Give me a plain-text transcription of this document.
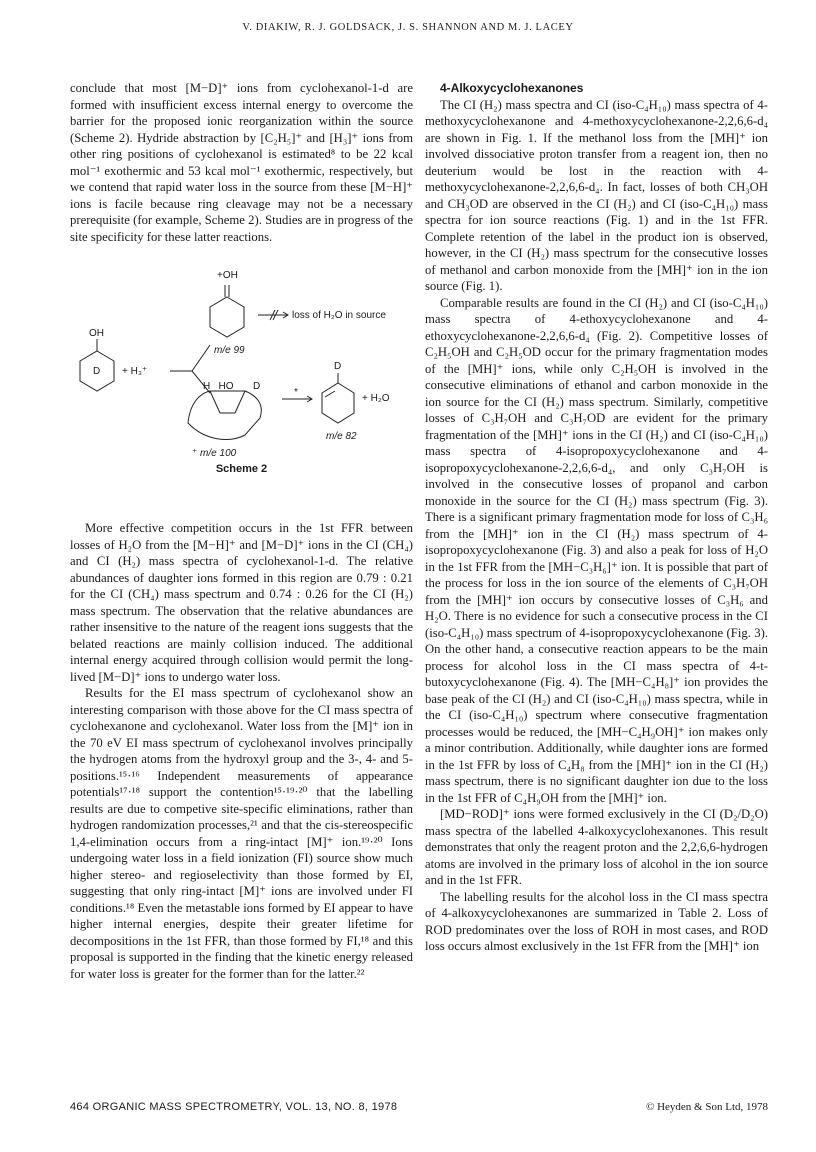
V. DIAKIW, R. J. GOLDSACK, J. S. SHANNON AND M. J. LACEY

conclude that most [M−D]⁺ ions from cyclohexanol-1-d are formed with insufficient excess internal energy to overcome the barrier for the proposed ionic reorganization within the source (Scheme 2). Hydride abstraction by [C₂H₅]⁺ and [H₃]⁺ ions from other ring positions of cyclohexanol is estimated⁸ to be 22 kcal mol⁻¹ exothermic and 53 kcal mol⁻¹ exothermic, respectively, but we contend that rapid water loss in the source from these [M−H]⁺ ions is facile because ring cleavage may not be a necessary prerequisite (for example, Scheme 2). Studies are in progress of the site specificity for these latter reactions.

+OH
loss of H₂O in source
m/e 99
OH
D + H₃⁺
H   HO       D
*
D
+ H₂O
m/e 82
⁺ m/e 100
Scheme 2

More effective competition occurs in the 1st FFR between losses of H₂O from the [M−H]⁺ and [M−D]⁺ ions in the CI (CH₄) and CI (H₂) mass spectra of cyclohexanol-1-d. The relative abundances of daughter ions formed in this region are 0.79 : 0.21 for the CI (CH₄) mass spectrum and 0.74 : 0.26 for the CI (H₂) mass spectrum. The observation that the relative abundances are rather insensitive to the nature of the reagent ions suggests that the belated reactions are mainly collision induced. The additional internal energy acquired through collision would permit the long-lived [M−D]⁺ ions to undergo water loss.

Results for the EI mass spectrum of cyclohexanol show an interesting comparison with those above for the CI mass spectra of cyclohexanone and cyclohexanol. Water loss from the [M]⁺ ion in the 70 eV EI mass spectrum of cyclohexanol involves principally the hydrogen atoms from the hydroxyl group and the 3-, 4- and 5-positions.¹⁵·¹⁶ Independent measurements of appearance potentials¹⁷·¹⁸ support the contention¹⁵·¹⁹·²⁰ that the labelling results are due to competive site-specific eliminations, rather than hydrogen randomization processes,²¹ and that the cis-stereospecific 1,4-elimination occurs from a ring-intact [M]⁺ ion.¹⁹·²⁰ Ions undergoing water loss in a field ionization (FI) source show much higher stereo- and regioselectivity than those formed by EI, suggesting that only ring-intact [M]⁺ ions are involved under FI conditions.¹⁸ Even the metastable ions formed by EI appear to have higher internal energies, despite their greater lifetime for decompositions in the 1st FFR, than those formed by FI,¹⁸ and this proposal is supported in the finding that the kinetic energy released for water loss is greater for the former than for the latter.²²

4-Alkoxycyclohexanones

The CI (H₂) mass spectra and CI (iso-C₄H₁₀) mass spectra of 4-methoxycyclohexanone and 4-methoxycyclohexanone-2,2,6,6-d₄ are shown in Fig. 1. If the methanol loss from the [MH]⁺ ion involved dissociative proton transfer from a reagent ion, then no deuterium would be lost in the reaction with 4-methoxycyclohexanone-2,2,6,6-d₄. In fact, losses of both CH₃OH and CH₃OD are observed in the CI (H₂) and CI (iso-C₄H₁₀) mass spectra for ion source reactions (Fig. 1) and in the 1st FFR. Complete retention of the label in the product ion is observed, however, in the CI (H₂) mass spectrum for the consecutive losses of methanol and carbon monoxide from the [MH]⁺ ion in the ion source (Fig. 1).

Comparable results are found in the CI (H₂) and CI (iso-C₄H₁₀) mass spectra of 4-ethoxycyclohexanone and 4-ethoxycyclohexanone-2,2,6,6-d₄ (Fig. 2). Competitive losses of C₂H₅OH and C₂H₅OD occur for the primary fragmentation modes of the [MH]⁺ ions, while only C₂H₅OH is involved in the consecutive eliminations of ethanol and carbon monoxide in the ion source for the CI (H₂) mass spectrum. Similarly, competitive losses of C₃H₇OH and C₃H₇OD are evident for the primary fragmentation of the [MH]⁺ ions in the CI (H₂) and CI (iso-C₄H₁₀) mass spectra of 4-isopropoxycyclohexanone and 4-isopropoxycyclohexanone-2,2,6,6-d₄, and only C₃H₇OH is involved in the consecutive losses of propanol and carbon monoxide in the source for the CI (H₂) mass spectrum (Fig. 3). There is a significant primary fragmentation mode for loss of C₃H₆ from the [MH]⁺ ion in the CI (H₂) mass spectrum of 4-isopropoxycyclohexanone (Fig. 3) and also a peak for loss of H₂O in the 1st FFR from the [MH−C₃H₆]⁺ ion. It is possible that part of the process for loss in the ion source of the elements of C₃H₇OH from the [MH]⁺ ion occurs by consecutive losses of C₃H₆ and H₂O. There is no evidence for such a consecutive process in the CI (iso-C₄H₁₀) mass spectrum of 4-isopropoxycyclohexanone (Fig. 3). On the other hand, a consecutive reaction appears to be the main process for alcohol loss in the CI mass spectra of 4-t-butoxycyclohexanone (Fig. 4). The [MH−C₄H₈]⁺ ion provides the base peak of the CI (H₂) and CI (iso-C₄H₁₀) mass spectra, while in the CI (iso-C₄H₁₀) spectrum where consecutive fragmentation processes would be reduced, the [MH−C₄H₉OH]⁺ ion makes only a minor contribution. Additionally, while daughter ions are formed in the 1st FFR by loss of C₄H₈ from the [MH]⁺ ion in the CI (H₂) mass spectrum, there is no significant daughter ion due to the loss in the 1st FFR of C₄H₉OH from the [MH]⁺ ion.

[MD−ROD]⁺ ions were formed exclusively in the CI (D₂/D₂O) mass spectra of the labelled 4-alkoxycyclohexanones. This result demonstrates that only the reagent proton and the 2,2,6,6-hydrogen atoms are involved in the primary loss of alcohol in the ion source and in the 1st FFR.

The labelling results for the alcohol loss in the CI mass spectra of 4-alkoxycyclohexanones are summarized in Table 2. Loss of ROD predominates over the loss of ROH in most cases, and ROD loss occurs almost exclusively in the 1st FFR from the [MH]⁺ ion

464 ORGANIC MASS SPECTROMETRY, VOL. 13, NO. 8, 1978	© Heyden & Son Ltd, 1978
